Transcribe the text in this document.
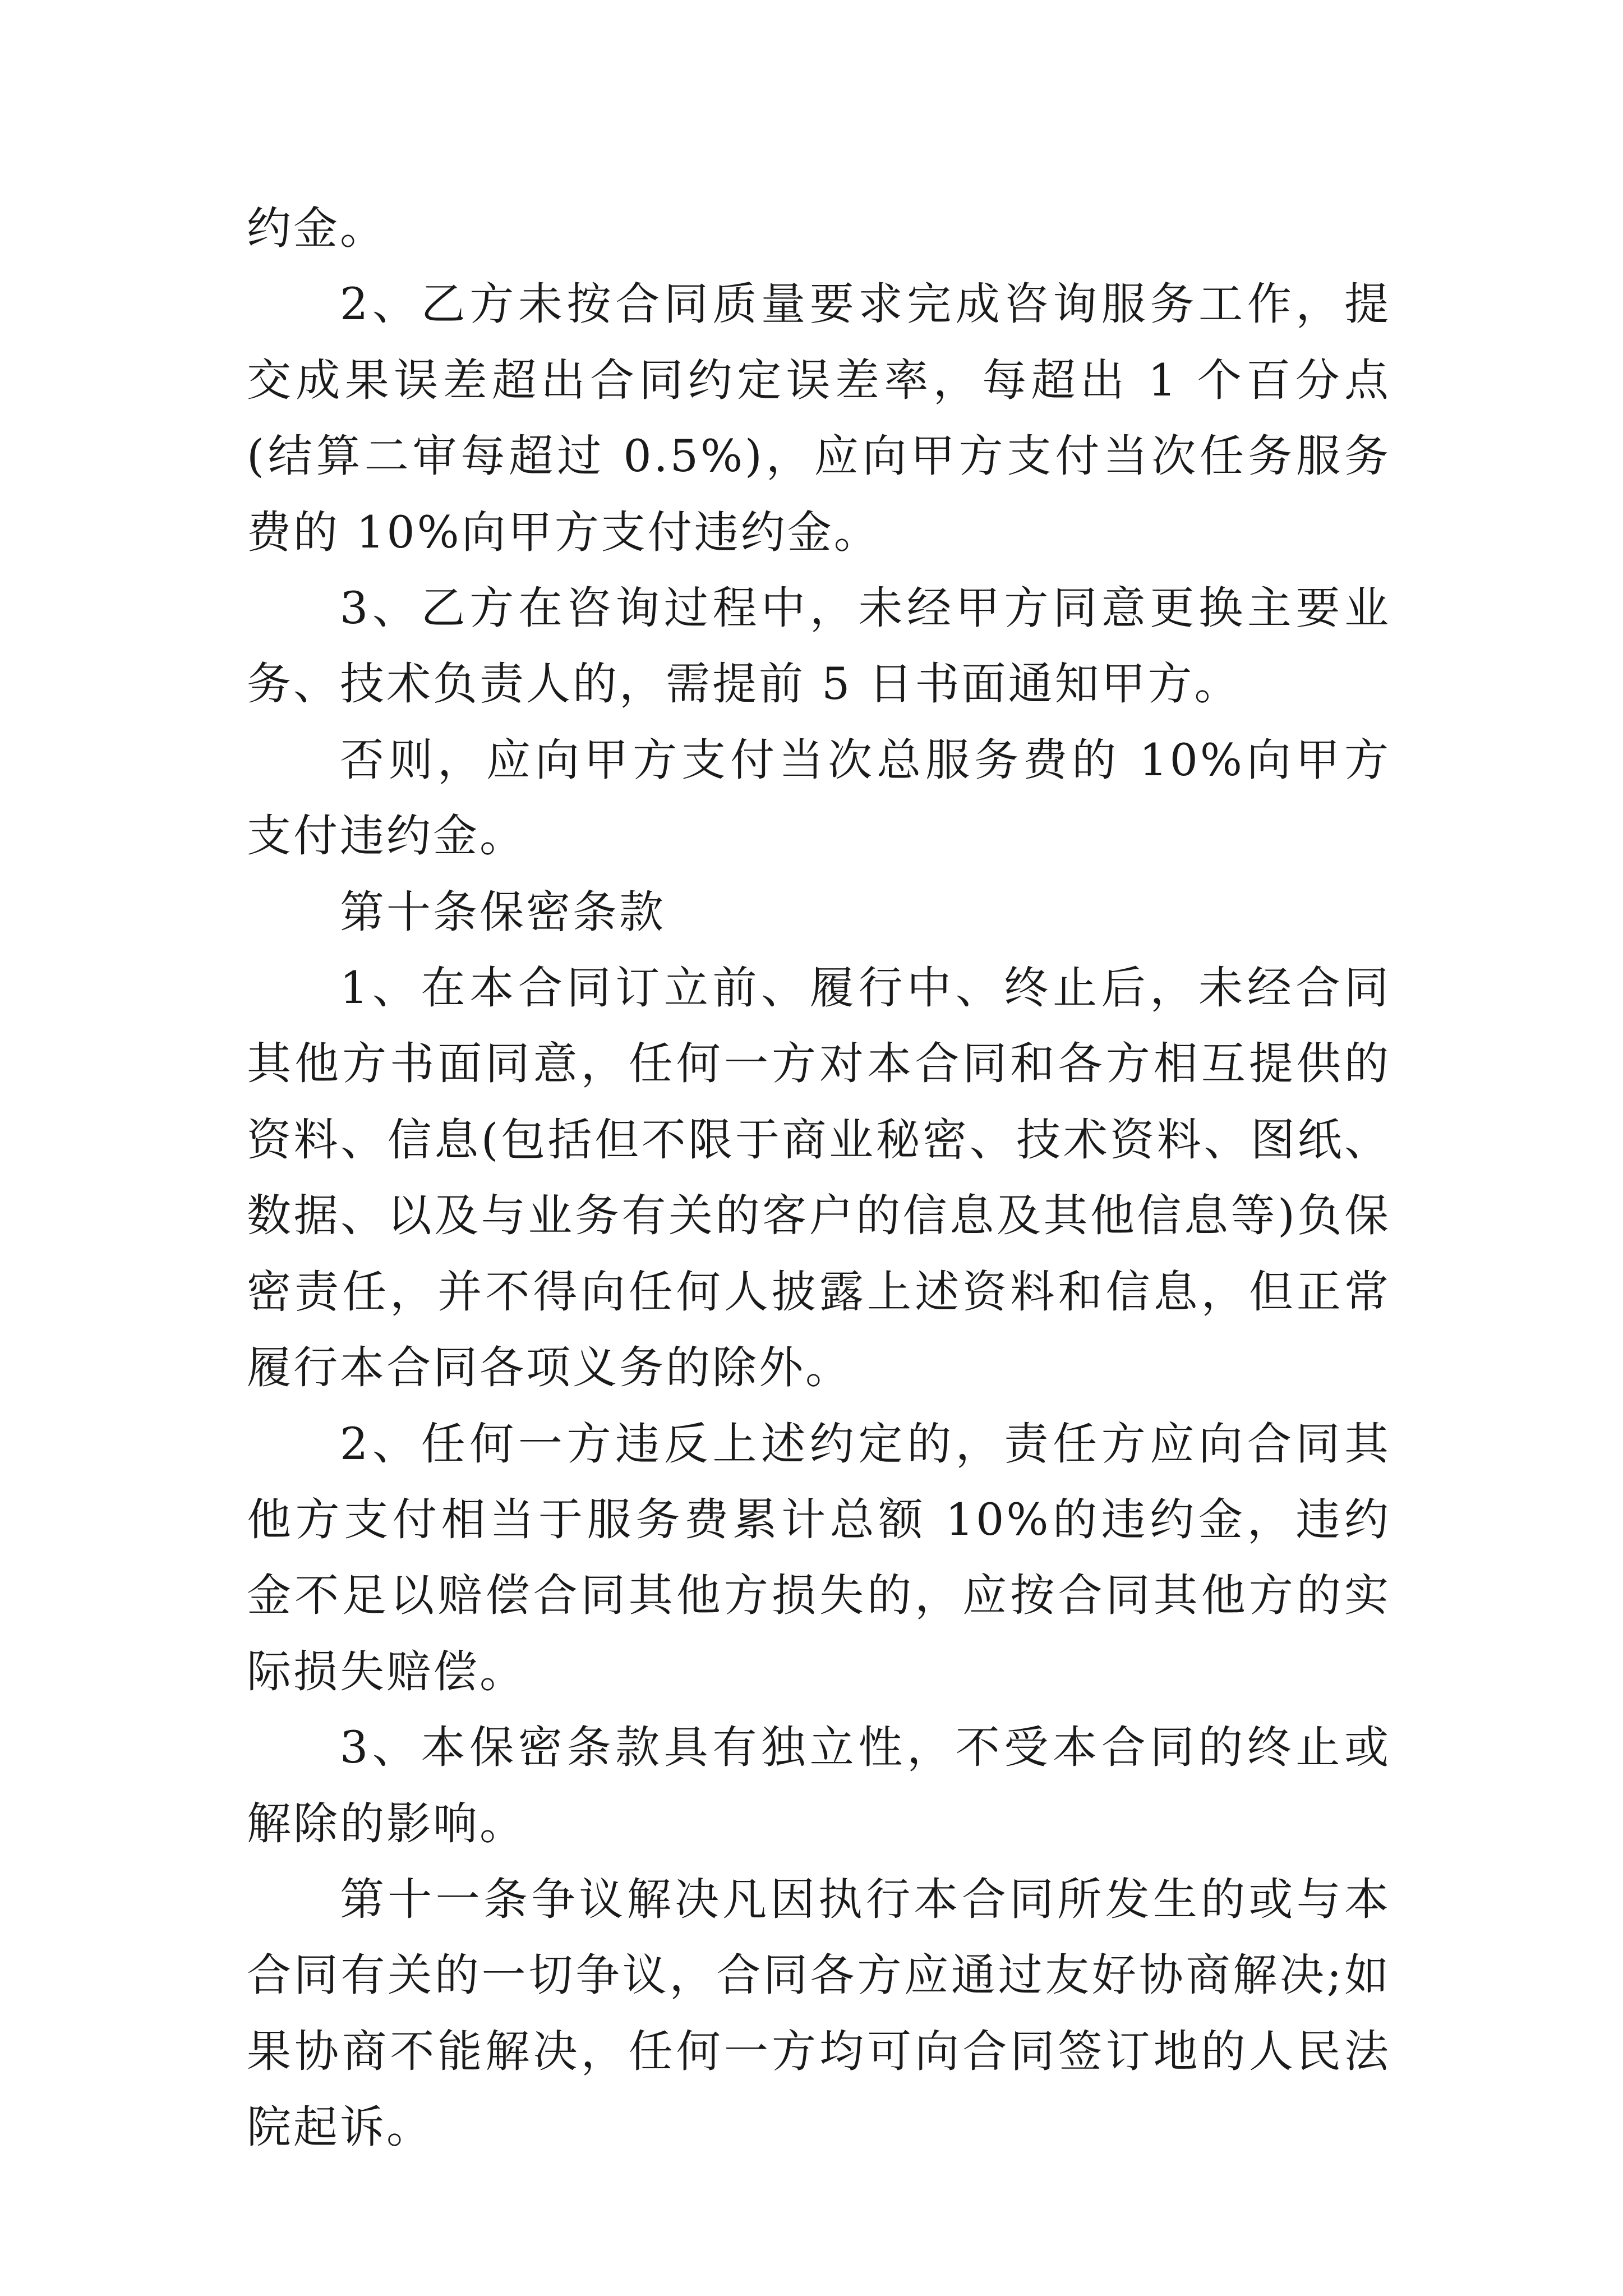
约金。

2、乙方未按合同质量要求完成咨询服务工作，提交成果误差超出合同约定误差率，每超出 1 个百分点(结算二审每超过 0.5%)，应向甲方支付当次任务服务费的 10%向甲方支付违约金。

3、乙方在咨询过程中，未经甲方同意更换主要业务、技术负责人的，需提前 5 日书面通知甲方。

否则，应向甲方支付当次总服务费的 10%向甲方支付违约金。

第十条保密条款

1、在本合同订立前、履行中、终止后，未经合同其他方书面同意，任何一方对本合同和各方相互提供的资料、信息(包括但不限于商业秘密、技术资料、图纸、数据、以及与业务有关的客户的信息及其他信息等)负保密责任，并不得向任何人披露上述资料和信息，但正常履行本合同各项义务的除外。

2、任何一方违反上述约定的，责任方应向合同其他方支付相当于服务费累计总额 10%的违约金，违约金不足以赔偿合同其他方损失的，应按合同其他方的实际损失赔偿。

3、本保密条款具有独立性，不受本合同的终止或解除的影响。

第十一条争议解决凡因执行本合同所发生的或与本合同有关的一切争议，合同各方应通过友好协商解决;如果协商不能解决，任何一方均可向合同签订地的人民法院起诉。
